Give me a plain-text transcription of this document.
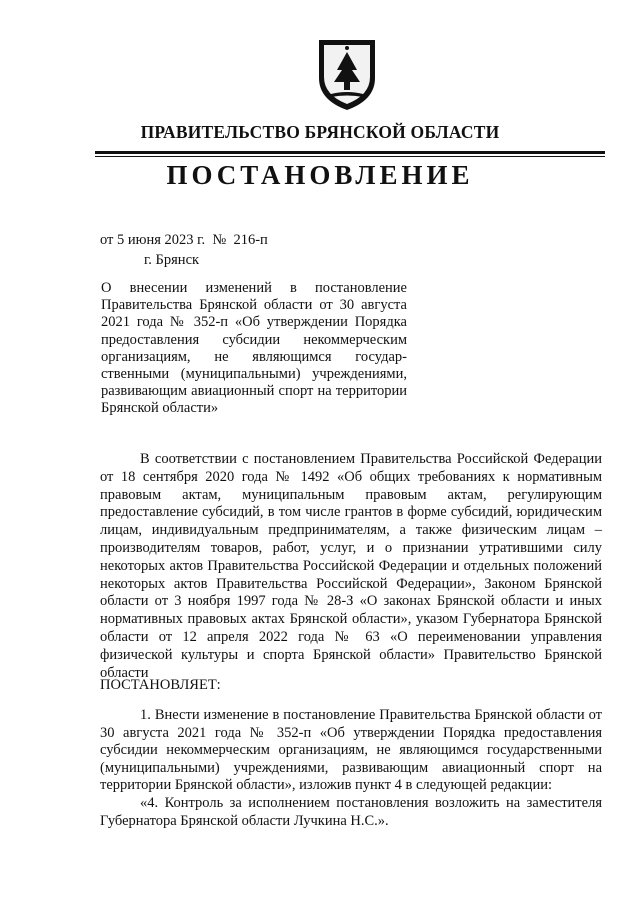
ПРАВИТЕЛЬСТВО БРЯНСКОЙ ОБЛАСТИ
ПОСТАНОВЛЕНИЕ
от 5 июня 2023 г. № 216-п
г. Брянск
О внесении изменений в постановление Правительства Брянской области от 30 августа 2021 года № 352-п «Об утверждении Порядка предоставления субсидии некоммерческим организациям, не являющимся государственными (муниципальными) учреждениями, развивающим авиационный спорт на территории Брянской области»
В соответствии с постановлением Правительства Российской Федерации от 18 сентября 2020 года № 1492 «Об общих требованиях к нормативным правовым актам, муниципальным правовым актам, регулирующим предоставление субсидий, в том числе грантов в форме субсидий, юридическим лицам, индивидуальным предпринимателям, а также физическим лицам – производителям товаров, работ, услуг, и о признании утратившими силу некоторых актов Правительства Российской Федерации и отдельных положений некоторых актов Правительства Российской Федерации», Законом Брянской области от 3 ноября 1997 года № 28-З «О законах Брянской области и иных нормативных правовых актах Брянской области», указом Губернатора Брянской области от 12 апреля 2022 года № 63 «О переименовании управления физической культуры и спорта Брянской области» Правительство Брянской области
ПОСТАНОВЛЯЕТ:
1. Внести изменение в постановление Правительства Брянской области от 30 августа 2021 года № 352-п «Об утверждении Порядка предоставления субсидии некоммерческим организациям, не являющимся государственными (муниципальными) учреждениями, развивающим авиационный спорт на территории Брянской области», изложив пункт 4 в следующей редакции:
«4. Контроль за исполнением постановления возложить на заместителя Губернатора Брянской области Лучкина Н.С.».
